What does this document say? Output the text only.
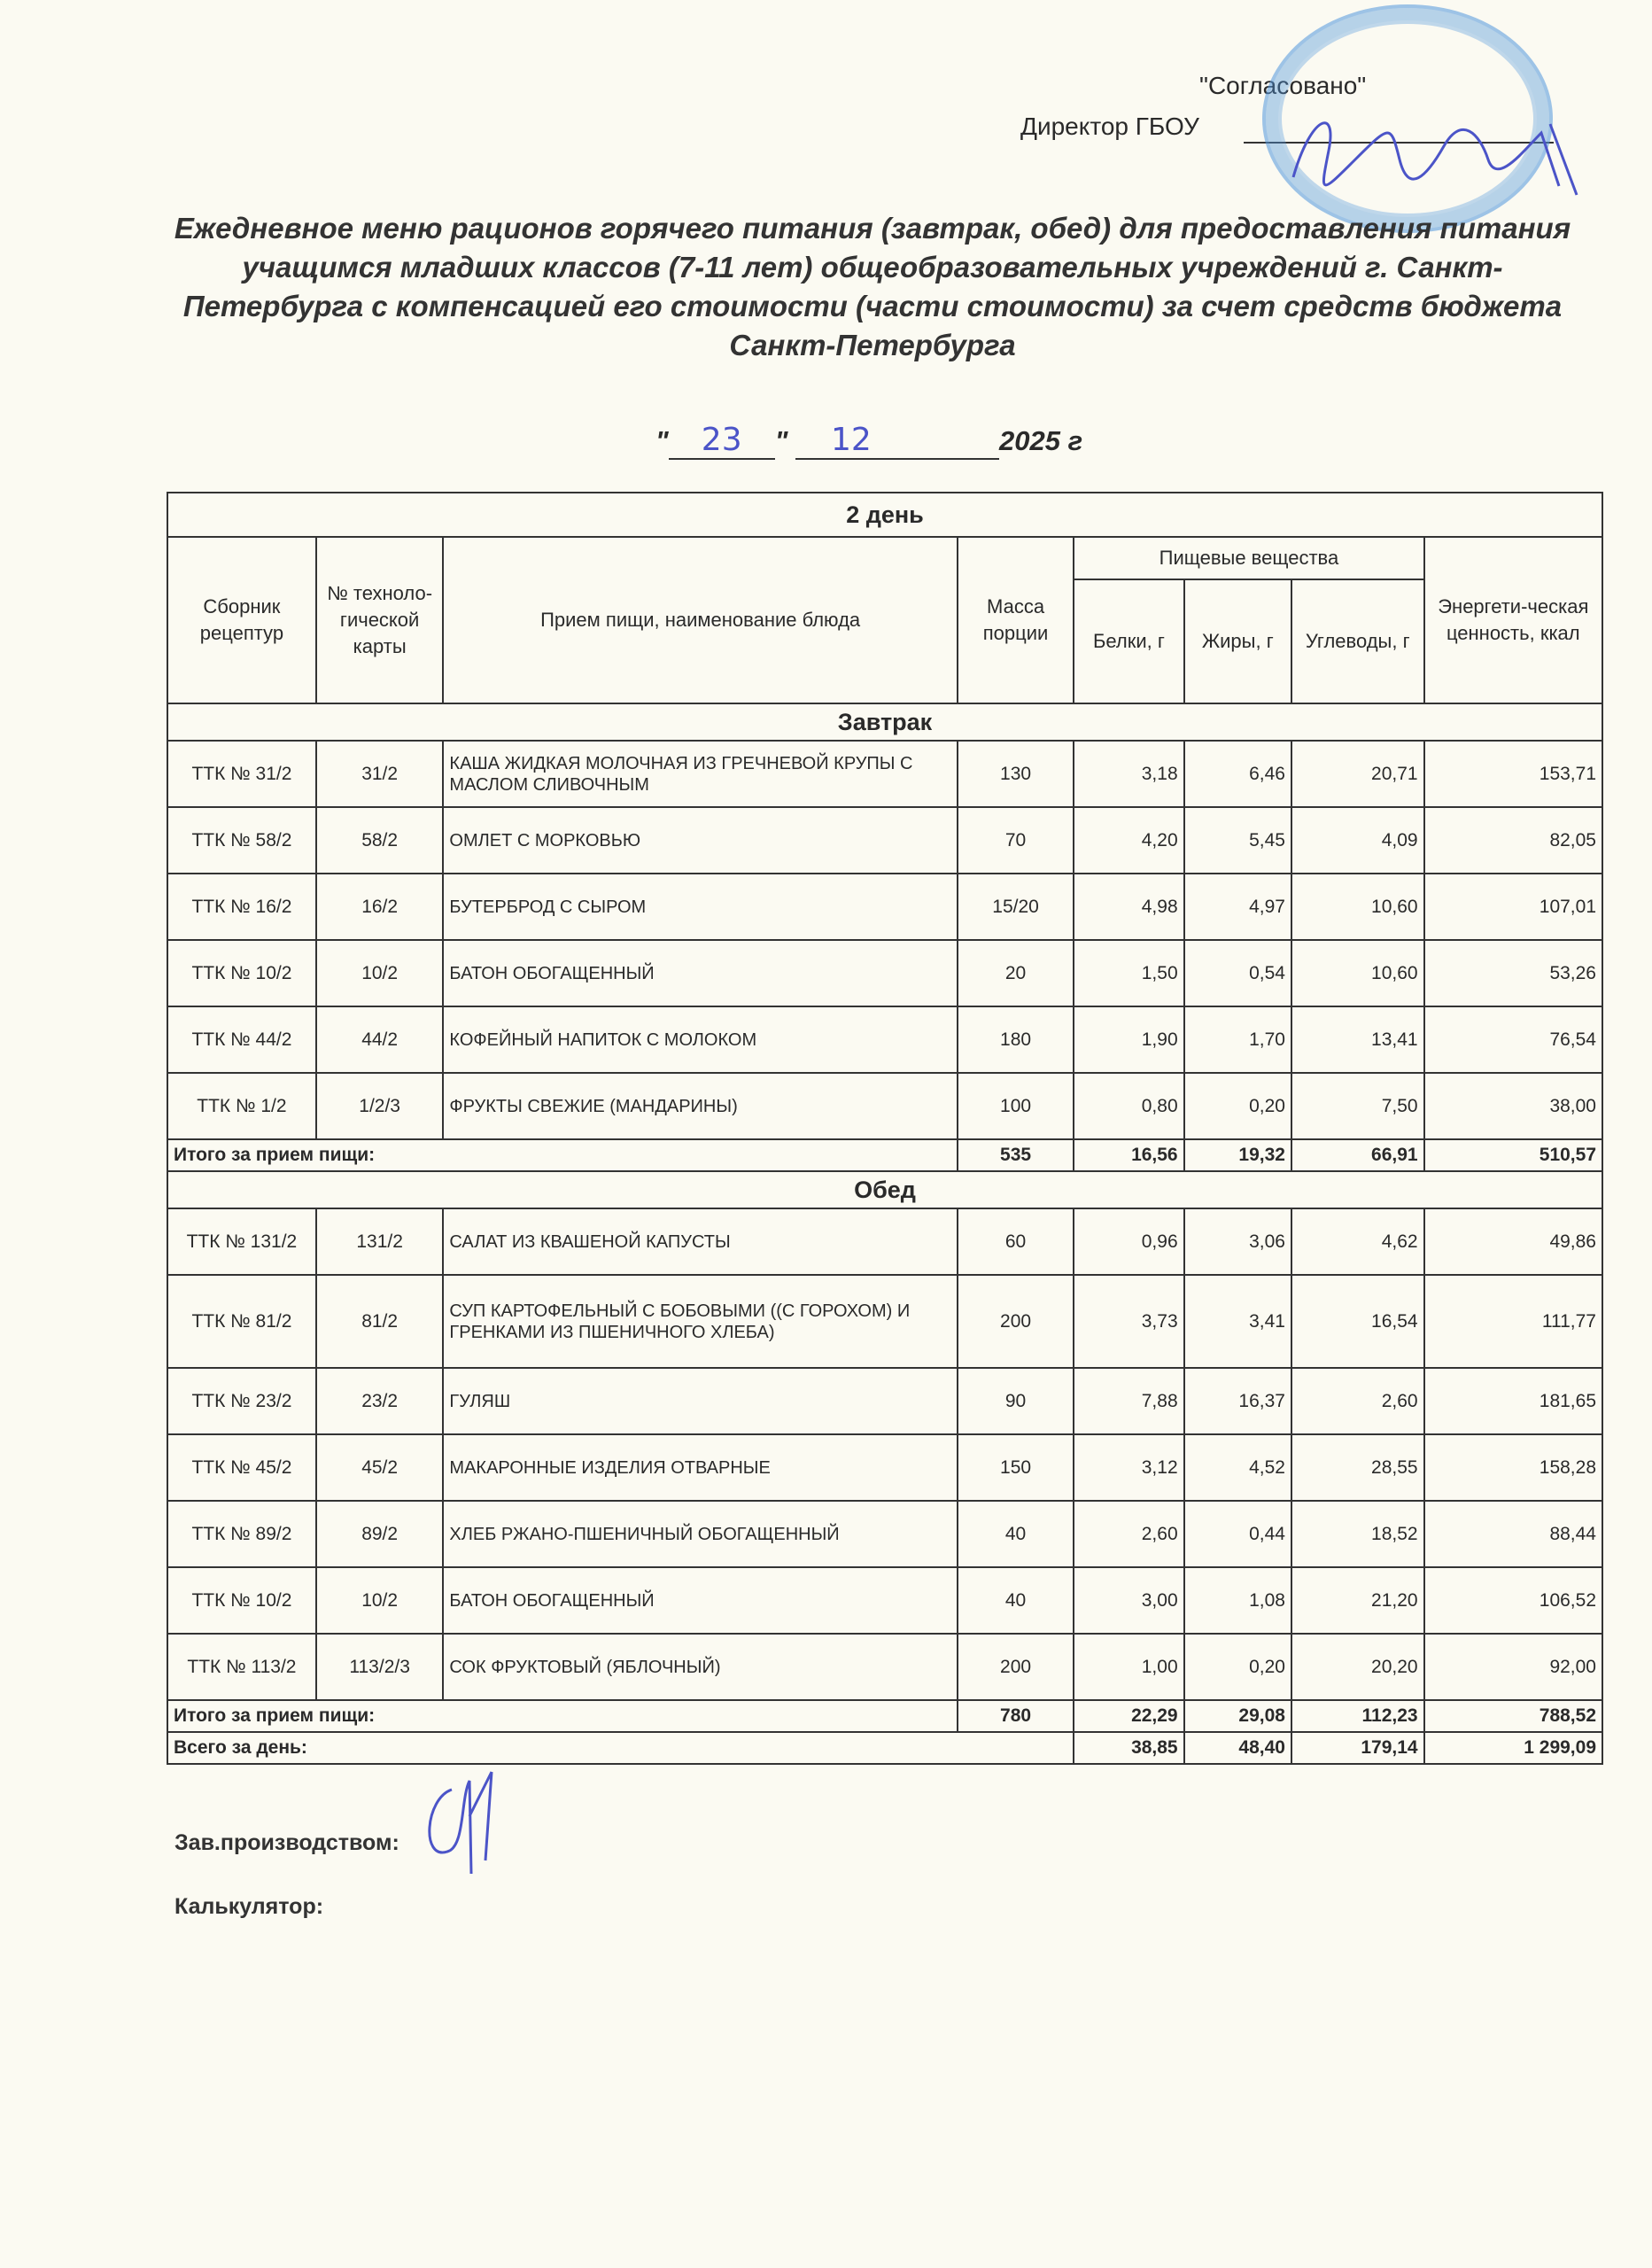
"Согласовано"
Директор ГБОУ
Ежедневное меню рационов горячего питания (завтрак, обед) для предоставления питания учащимся младших классов (7-11 лет) общеобразовательных учреждений г. Санкт-Петербурга с компенсацией его стоимости (части стоимости) за счет средств бюджета Санкт-Петербурга
" 23 " 12	2025 г
2 день							
Сборник рецептур	№ техноло-гической карты	Прием пищи, наименование блюда	Масса порции	Пищевые вещества			Энергети-ческая ценность, ккал
				Белки, г	Жиры, г	Углеводы, г	
Завтрак							
ТТК № 31/2	31/2	КАША ЖИДКАЯ МОЛОЧНАЯ ИЗ ГРЕЧНЕВОЙ КРУПЫ С МАСЛОМ СЛИВОЧНЫМ	130	3,18	6,46	20,71	153,71
ТТК № 58/2	58/2	ОМЛЕТ С МОРКОВЬЮ	70	4,20	5,45	4,09	82,05
ТТК № 16/2	16/2	БУТЕРБРОД С СЫРОМ	15/20	4,98	4,97	10,60	107,01
ТТК № 10/2	10/2	БАТОН ОБОГАЩЕННЫЙ	20	1,50	0,54	10,60	53,26
ТТК № 44/2	44/2	КОФЕЙНЫЙ НАПИТОК С МОЛОКОМ	180	1,90	1,70	13,41	76,54
ТТК № 1/2	1/2/3	ФРУКТЫ СВЕЖИЕ (МАНДАРИНЫ)	100	0,80	0,20	7,50	38,00
Итого за прием пищи:			535	16,56	19,32	66,91	510,57
Обед							
ТТК № 131/2	131/2	САЛАТ ИЗ КВАШЕНОЙ КАПУСТЫ	60	0,96	3,06	4,62	49,86
ТТК № 81/2	81/2	СУП КАРТОФЕЛЬНЫЙ С БОБОВЫМИ ((С ГОРОХОМ) И ГРЕНКАМИ ИЗ ПШЕНИЧНОГО ХЛЕБА)	200	3,73	3,41	16,54	111,77
ТТК № 23/2	23/2	ГУЛЯШ	90	7,88	16,37	2,60	181,65
ТТК № 45/2	45/2	МАКАРОННЫЕ ИЗДЕЛИЯ ОТВАРНЫЕ	150	3,12	4,52	28,55	158,28
ТТК № 89/2	89/2	ХЛЕБ РЖАНО-ПШЕНИЧНЫЙ ОБОГАЩЕННЫЙ	40	2,60	0,44	18,52	88,44
ТТК № 10/2	10/2	БАТОН ОБОГАЩЕННЫЙ	40	3,00	1,08	21,20	106,52
ТТК № 113/2	113/2/3	СОК ФРУКТОВЫЙ (ЯБЛОЧНЫЙ)	200	1,00	0,20	20,20	92,00
Итого за прием пищи:			780	22,29	29,08	112,23	788,52
Всего за день:				38,85	48,40	179,14	1 299,09
Зав.производством:
Калькулятор:
